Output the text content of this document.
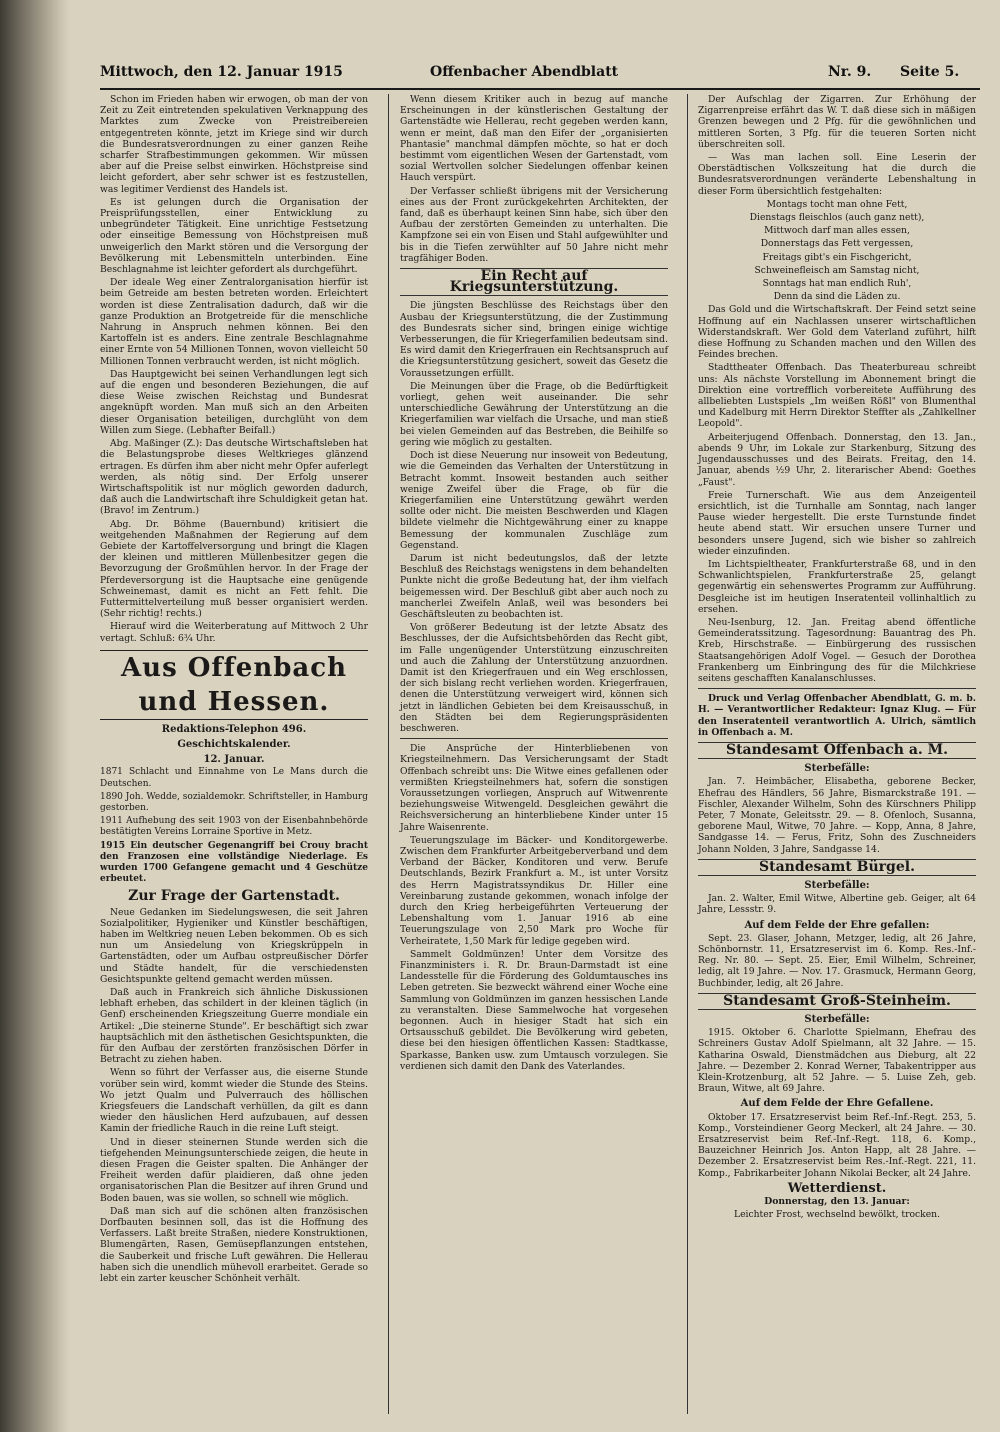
Mittwoch, den 12. Januar 1915	Offenbacher Abendblatt	Nr. 9. Seite 5.

Schon im Frieden haben wir erwogen, ob man der von Zeit zu Zeit eintretenden spekulativen Verknappung des Marktes zum Zwecke von Preistreibereien entgegentreten könnte, jetzt im Kriege sind wir durch die Bundesratsverordnungen zu einer ganzen Reihe scharfer Strafbestimmungen gekommen. Wir müssen aber auf die Preise selbst einwirken. Höchstpreise sind leicht gefordert, aber sehr schwer ist es festzustellen, was legitimer Verdienst des Handels ist.

Es ist gelungen durch die Organisation der Preisprüfungsstellen, einer Entwicklung zu unbegründeter Tätigkeit. Eine unrichtige Festsetzung oder einseitige Bemessung von Höchstpreisen muß unweigerlich den Markt stören und die Versorgung der Bevölkerung mit Lebensmitteln unterbinden. Eine Beschlagnahme ist leichter gefordert als durchgeführt.

Der ideale Weg einer Zentralorganisation hierfür ist beim Getreide am besten betreten worden. Erleichtert worden ist diese Zentralisation dadurch, daß wir die ganze Produktion an Brotgetreide für die menschliche Nahrung in Anspruch nehmen können. Bei den Kartoffeln ist es anders. Eine zentrale Beschlagnahme einer Ernte von 54 Millionen Tonnen, wovon vielleicht 50 Millionen Tonnen verbraucht werden, ist nicht möglich.

Das Hauptgewicht bei seinen Verhandlungen legt sich auf die engen und besonderen Beziehungen, die auf diese Weise zwischen Reichstag und Bundesrat angeknüpft worden. Man muß sich an den Arbeiten dieser Organisation beteiligen, durchglüht von dem Willen zum Siege. (Lebhafter Beifall.)

Abg. Maßinger (Z.): Das deutsche Wirtschaftsleben hat die Belastungsprobe dieses Weltkrieges glänzend ertragen. Es dürfen ihm aber nicht mehr Opfer auferlegt werden, als nötig sind. Der Erfolg unserer Wirtschaftspolitik ist nur möglich geworden dadurch, daß auch die Landwirtschaft ihre Schuldigkeit getan hat. (Bravo! im Zentrum.)

Abg. Dr. Böhme (Bauernbund) kritisiert die weitgehenden Maßnahmen der Regierung auf dem Gebiete der Kartoffelversorgung und bringt die Klagen der kleinen und mittleren Müllenbesitzer gegen die Bevorzugung der Großmühlen hervor. In der Frage der Pferdeversorgung ist die Hauptsache eine genügende Schweinemast, damit es nicht an Fett fehlt. Die Futtermittelverteilung muß besser organisiert werden. (Sehr richtig! rechts.)

Hierauf wird die Weiterberatung auf Mittwoch 2 Uhr vertagt. Schluß: 6¾ Uhr.

Aus Offenbach und Hessen.
Redaktions-Telephon 496.
Geschichtskalender.
12. Januar.

1871 Schlacht und Einnahme von Le Mans durch die Deutschen.

1890 Joh. Wedde, sozialdemokr. Schriftsteller, in Hamburg gestorben.

1911 Aufhebung des seit 1903 von der Eisenbahnbehörde bestätigten Vereins Lorraine Sportive in Metz.

1915 Ein deutscher Gegenangriff bei Crouy bracht den Franzosen eine vollständige Niederlage. Es wurden 1700 Gefangene gemacht und 4 Geschütze erbeutet.

Zur Frage der Gartenstadt.

Neue Gedanken im Siedelungswesen, die seit Jahren Sozialpolitiker, Hygieniker und Künstler beschäftigen, haben im Weltkrieg neuen Leben bekommen. Ob es sich nun um Ansiedelung von Kriegskrüppeln in Gartenstädten, oder um Aufbau ostpreußischer Dörfer und Städte handelt, für die verschiedensten Gesichtspunkte geltend gemacht werden müssen.

Daß auch in Frankreich sich ähnliche Diskussionen lebhaft erheben, das schildert in der kleinen täglich (in Genf) erscheinenden Kriegszeitung Guerre mondiale ein Artikel: „Die steinerne Stunde". Er beschäftigt sich zwar hauptsächlich mit den ästhetischen Gesichtspunkten, die für den Aufbau der zerstörten französischen Dörfer in Betracht zu ziehen haben.

Wenn so führt der Verfasser aus, die eiserne Stunde vorüber sein wird, kommt wieder die Stunde des Steins. Wo jetzt Qualm und Pulverrauch des höllischen Kriegsfeuers die Landschaft verhüllen, da gilt es dann wieder den häuslichen Herd aufzubauen, auf dessen Kamin der friedliche Rauch in die reine Luft steigt.

Und in dieser steinernen Stunde werden sich die tiefgehenden Meinungsunterschiede zeigen, die heute in diesen Fragen die Geister spalten. Die Anhänger der Freiheit werden dafür plaidieren, daß ohne jeden organisatorischen Plan die Besitzer auf ihren Grund und Boden bauen, was sie wollen, so schnell wie möglich.

Daß man sich auf die schönen alten französischen Dorfbauten besinnen soll, das ist die Hoffnung des Verfassers. Laßt breite Straßen, niedere Konstruktionen, Blumengärten, Rasen, Gemüsepflanzungen entstehen, die Sauberkeit und frische Luft gewähren. Die Hellerau haben sich die unendlich mühevoll erarbeitet. Gerade so lebt ein zarter keuscher Schönheit verhält.

Wenn diesem Kritiker auch in bezug auf manche Erscheinungen in der künstlerischen Gestaltung der Gartenstädte wie Hellerau, recht gegeben werden kann, wenn er meint, daß man den Eifer der „organisierten Phantasie" manchmal dämpfen möchte, so hat er doch bestimmt vom eigentlichen Wesen der Gartenstadt, vom sozial Wertvollen solcher Siedelungen offenbar keinen Hauch verspürt.

Der Verfasser schließt übrigens mit der Versicherung eines aus der Front zurückgekehrten Architekten, der fand, daß es überhaupt keinen Sinn habe, sich über den Aufbau der zerstörten Gemeinden zu unterhalten. Die Kampfzone sei ein von Eisen und Stahl aufgewühlter und bis in die Tiefen zerwühlter auf 50 Jahre nicht mehr tragfähiger Boden.

Ein Recht auf Kriegsunterstützung.

Die jüngsten Beschlüsse des Reichstags über den Ausbau der Kriegsunterstützung, die der Zustimmung des Bundesrats sicher sind, bringen einige wichtige Verbesserungen, die für Kriegerfamilien bedeutsam sind. Es wird damit den Kriegerfrauen ein Rechtsanspruch auf die Kriegsunterstützung gesichert, soweit das Gesetz die Voraussetzungen erfüllt.

Die Meinungen über die Frage, ob die Bedürftigkeit vorliegt, gehen weit auseinander. Die sehr unterschiedliche Gewährung der Unterstützung an die Kriegerfamilien war vielfach die Ursache, und man stieß bei vielen Gemeinden auf das Bestreben, die Beihilfe so gering wie möglich zu gestalten.

Doch ist diese Neuerung nur insoweit von Bedeutung, wie die Gemeinden das Verhalten der Unterstützung in Betracht kommt. Insoweit bestanden auch seither wenige Zweifel über die Frage, ob für die Kriegerfamilien eine Unterstützung gewährt werden sollte oder nicht. Die meisten Beschwerden und Klagen bildete vielmehr die Nichtgewährung einer zu knappe Bemessung der kommunalen Zuschläge zum Gegenstand.

Darum ist nicht bedeutungslos, daß der letzte Beschluß des Reichstags wenigstens in dem behandelten Punkte nicht die große Bedeutung hat, der ihm vielfach beigemessen wird. Der Beschluß gibt aber auch noch zu mancherlei Zweifeln Anlaß, weil was besonders bei Geschäftsleuten zu beobachten ist.

Von größerer Bedeutung ist der letzte Absatz des Beschlusses, der die Aufsichtsbehörden das Recht gibt, im Falle ungenügender Unterstützung einzuschreiten und auch die Zahlung der Unterstützung anzuordnen. Damit ist den Kriegerfrauen und ein Weg erschlossen, der sich bislang recht verliehen worden. Kriegerfrauen, denen die Unterstützung verweigert wird, können sich jetzt in ländlichen Gebieten bei dem Kreisausschuß, in den Städten bei dem Regierungspräsidenten beschweren.

Die Ansprüche der Hinterbliebenen von Kriegsteilnehmern. Das Versicherungsamt der Stadt Offenbach schreibt uns: Die Witwe eines gefallenen oder vermißten Kriegsteilnehmers hat, sofern die sonstigen Voraussetzungen vorliegen, Anspruch auf Witwenrente beziehungsweise Witwengeld. Desgleichen gewährt die Reichsversicherung an hinterbliebene Kinder unter 15 Jahre Waisenrente.

Teuerungszulage im Bäcker- und Konditorgewerbe. Zwischen dem Frankfurter Arbeitgeberverband und dem Verband der Bäcker, Konditoren und verw. Berufe Deutschlands, Bezirk Frankfurt a. M., ist unter Vorsitz des Herrn Magistratssyndikus Dr. Hiller eine Vereinbarung zustande gekommen, wonach infolge der durch den Krieg herbeigeführten Verteuerung der Lebenshaltung vom 1. Januar 1916 ab eine Teuerungszulage von 2,50 Mark pro Woche für Verheiratete, 1,50 Mark für ledige gegeben wird.

Sammelt Goldmünzen! Unter dem Vorsitze des Finanzministers i. R. Dr. Braun-Darmstadt ist eine Landesstelle für die Förderung des Goldumtausches ins Leben getreten. Sie bezweckt während einer Woche eine Sammlung von Goldmünzen im ganzen hessischen Lande zu veranstalten. Diese Sammelwoche hat vorgesehen begonnen. Auch in hiesiger Stadt hat sich ein Ortsausschuß gebildet. Die Bevölkerung wird gebeten, diese bei den hiesigen öffentlichen Kassen: Stadtkasse, Sparkasse, Banken usw. zum Umtausch vorzulegen. Sie verdienen sich damit den Dank des Vaterlandes.

Der Aufschlag der Zigarren. Zur Erhöhung der Zigarrenpreise erfährt das W. T. daß diese sich in mäßigen Grenzen bewegen und 2 Pfg. für die gewöhnlichen und mittleren Sorten, 3 Pfg. für die teueren Sorten nicht überschreiten soll.

— Was man lachen soll. Eine Leserin der Oberstädtischen Volkszeitung hat die durch die Bundesratsverordnungen veränderte Lebenshaltung in dieser Form übersichtlich festgehalten:

Montags tocht man ohne Fett,

Dienstags fleischlos (auch ganz nett),

Mittwoch darf man alles essen,

Donnerstags das Fett vergessen,

Freitags gibt's ein Fischgericht,

Schweinefleisch am Samstag nicht,

Sonntags hat man endlich Ruh',

Denn da sind die Läden zu.

Das Gold und die Wirtschaftskraft. Der Feind setzt seine Hoffnung auf ein Nachlassen unserer wirtschaftlichen Widerstandskraft. Wer Gold dem Vaterland zuführt, hilft diese Hoffnung zu Schanden machen und den Willen des Feindes brechen.

Stadttheater Offenbach. Das Theaterbureau schreibt uns: Als nächste Vorstellung im Abonnement bringt die Direktion eine vortrefflich vorbereitete Aufführung des allbeliebten Lustspiels „Im weißen Rößl" von Blumenthal und Kadelburg mit Herrn Direktor Steffter als „Zahlkellner Leopold".

Arbeiterjugend Offenbach. Donnerstag, den 13. Jan., abends 9 Uhr, im Lokale zur Starkenburg, Sitzung des Jugendausschusses und des Beirats. Freitag, den 14. Januar, abends ½9 Uhr, 2. literarischer Abend: Goethes „Faust".

Freie Turnerschaft. Wie aus dem Anzeigenteil ersichtlich, ist die Turnhalle am Sonntag, nach langer Pause wieder hergestellt. Die erste Turnstunde findet heute abend statt. Wir ersuchen unsere Turner und besonders unsere Jugend, sich wie bisher so zahlreich wieder einzufinden.

Im Lichtspieltheater, Frankfurterstraße 68, und in den Schwanlichtspielen, Frankfurterstraße 25, gelangt gegenwärtig ein sehenswertes Programm zur Aufführung. Desgleiche ist im heutigen Inseratenteil vollinhaltlich zu ersehen.

Neu-Isenburg, 12. Jan. Freitag abend öffentliche Gemeinderatssitzung. Tagesordnung: Bauantrag des Ph. Kreb, Hirschstraße. — Einbürgerung des russischen Staatsangehörigen Adolf Vogel. — Gesuch der Dorothea Frankenberg um Einbringung des für die Milchkriese seitens geschafften Kanalanschlusses.

Druck und Verlag Offenbacher Abendblatt, G. m. b. H. — Verantwortlicher Redakteur: Ignaz Klug. — Für den Inseratenteil verantwortlich A. Ulrich, sämtlich in Offenbach a. M.

Standesamt Offenbach a. M.
Sterbefälle:

Jan. 7. Heimbächer, Elisabetha, geborene Becker, Ehefrau des Händlers, 56 Jahre, Bismarckstraße 191. — Fischler, Alexander Wilhelm, Sohn des Kürschners Philipp Peter, 7 Monate, Geleitsstr. 29. — 8. Ofenloch, Susanna, geborene Maul, Witwe, 70 Jahre. — Kopp, Anna, 8 Jahre, Sandgasse 14. — Ferus, Fritz, Sohn des Zuschneiders Johann Nolden, 3 Jahre, Sandgasse 14.

Standesamt Bürgel.
Sterbefälle:

Jan. 2. Walter, Emil Witwe, Albertine geb. Geiger, alt 64 Jahre, Lessstr. 9.

Auf dem Felde der Ehre gefallen:

Sept. 23. Glaser, Johann, Metzger, ledig, alt 26 Jahre, Schönbornstr. 11, Ersatzreservist im 6. Komp. Res.-Inf.-Reg. Nr. 80. — Sept. 25. Eier, Emil Wilhelm, Schreiner, ledig, alt 19 Jahre. — Nov. 17. Grasmuck, Hermann Georg, Buchbinder, ledig, alt 26 Jahre.

Standesamt Groß-Steinheim.
Sterbefälle:

1915. Oktober 6. Charlotte Spielmann, Ehefrau des Schreiners Gustav Adolf Spielmann, alt 32 Jahre. — 15. Katharina Oswald, Dienstmädchen aus Dieburg, alt 22 Jahre. — Dezember 2. Konrad Werner, Tabakentripper aus Klein-Krotzenburg, alt 52 Jahre. — 5. Luise Zeh, geb. Braun, Witwe, alt 69 Jahre.

Auf dem Felde der Ehre Gefallene.

Oktober 17. Ersatzreservist beim Ref.-Inf.-Regt. 253, 5. Komp., Vorsteindiener Georg Meckerl, alt 24 Jahre. — 30. Ersatzreservist beim Ref.-Inf.-Regt. 118, 6. Komp., Bauzeichner Heinrich Jos. Anton Happ, alt 28 Jahre. — Dezember 2. Ersatzreservist beim Res.-Inf.-Regt. 221, 11. Komp., Fabrikarbeiter Johann Nikolai Becker, alt 24 Jahre.

Wetterdienst.

Donnerstag, den 13. Januar:

Leichter Frost, wechselnd bewölkt, trocken.
